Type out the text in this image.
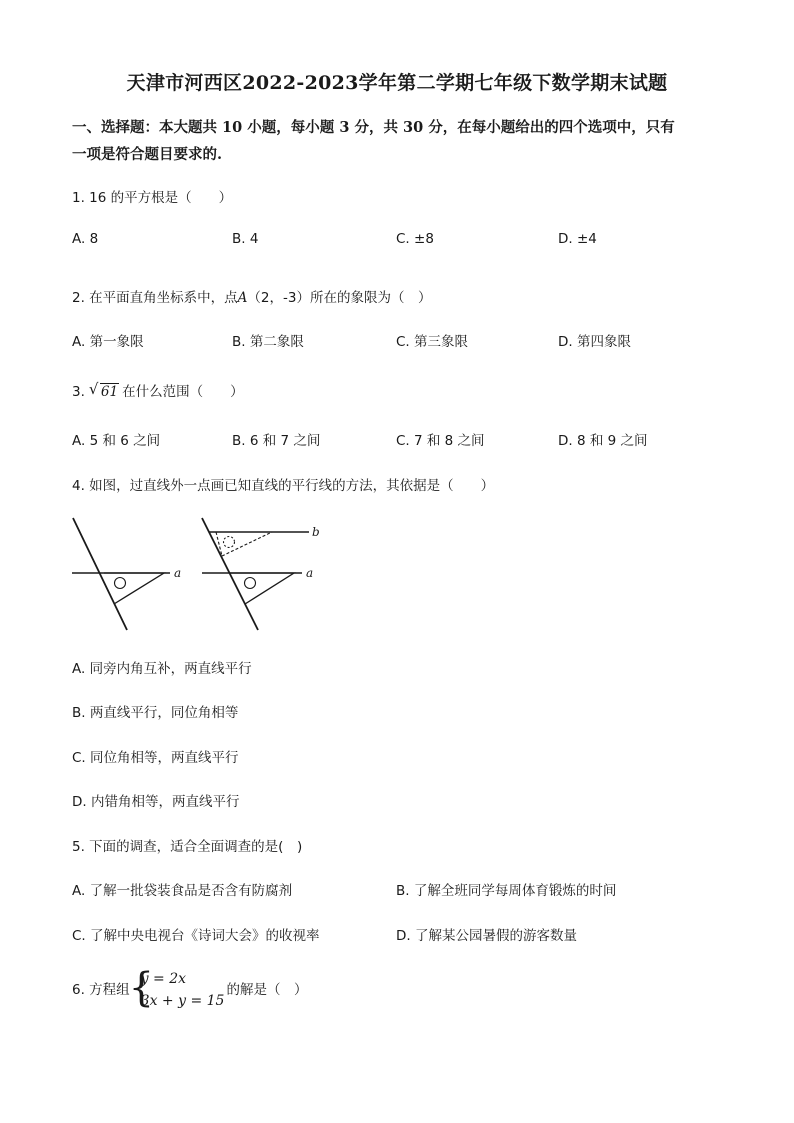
天津市河西区2022-2023学年第二学期七年级下数学期末试题
一、选择题：本大题共 10 小题，每小题 3 分，共 30 分，在每小题给出的四个选项中，只有
一项是符合题目要求的.
1. 16 的平方根是（　　）
A. 8	B. 4	C. ±8	D. ±4
2. 在平面直角坐标系中，点A（2，-3）所在的象限为（　）
A. 第一象限	B. 第二象限	C. 第三象限	D. 第四象限
3. √ 61 在什么范围（　　）
A. 5 和 6 之间	B. 6 和 7 之间	C. 7 和 8 之间	D. 8 和 9 之间
4. 如图，过直线外一点画已知直线的平行线的方法，其依据是（　　）
a	a
b
A. 同旁内角互补，两直线平行
B. 两直线平行，同位角相等
C. 同位角相等，两直线平行
D. 内错角相等，两直线平行
5. 下面的调查，适合全面调查的是(　)
A. 了解一批袋装食品是否含有防腐剂	B. 了解全班同学每周体育锻炼的时间
C. 了解中央电视台《诗词大会》的收视率	D. 了解某公园暑假的游客数量
6. 方程组 {
y = 2x
3x + y = 15
的解是（　）
